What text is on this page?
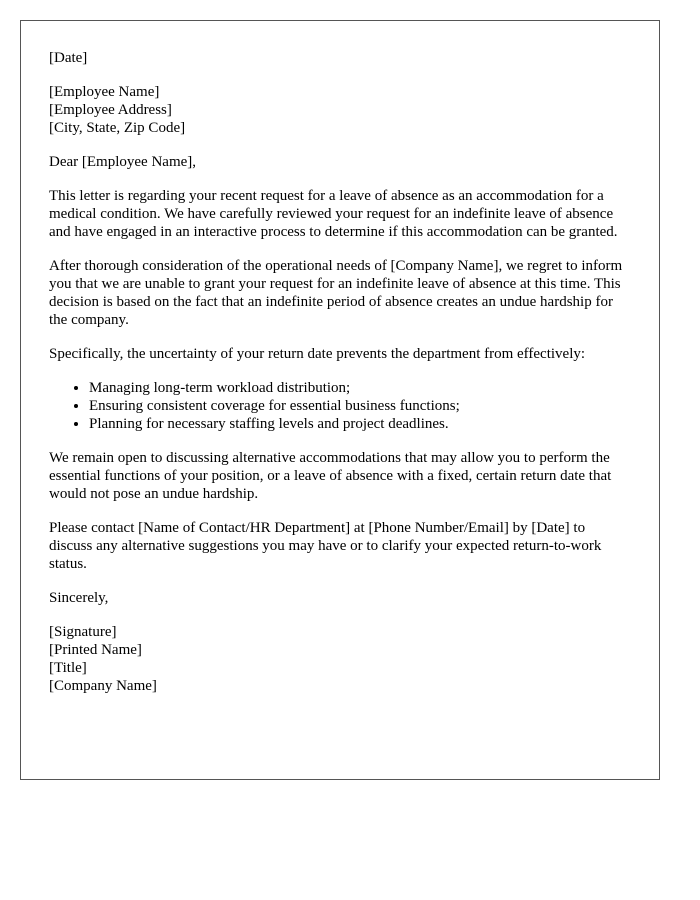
[Date]
[Employee Name]
[Employee Address]
[City, State, Zip Code]

Dear [Employee Name],

This letter is regarding your recent request for a leave of absence as an accommodation for a medical condition. We have carefully reviewed your request for an indefinite leave of absence and have engaged in an interactive process to determine if this accommodation can be granted.

After thorough consideration of the operational needs of [Company Name], we regret to inform you that we are unable to grant your request for an indefinite leave of absence at this time. This decision is based on the fact that an indefinite period of absence creates an undue hardship for the company.

Specifically, the uncertainty of your return date prevents the department from effectively:

• Managing long-term workload distribution;
• Ensuring consistent coverage for essential business functions;
• Planning for necessary staffing levels and project deadlines.

We remain open to discussing alternative accommodations that may allow you to perform the essential functions of your position, or a leave of absence with a fixed, certain return date that would not pose an undue hardship.

Please contact [Name of Contact/HR Department] at [Phone Number/Email] by [Date] to discuss any alternative suggestions you may have or to clarify your expected return-to-work status.

Sincerely,

[Signature]
[Printed Name]
[Title]
[Company Name]
